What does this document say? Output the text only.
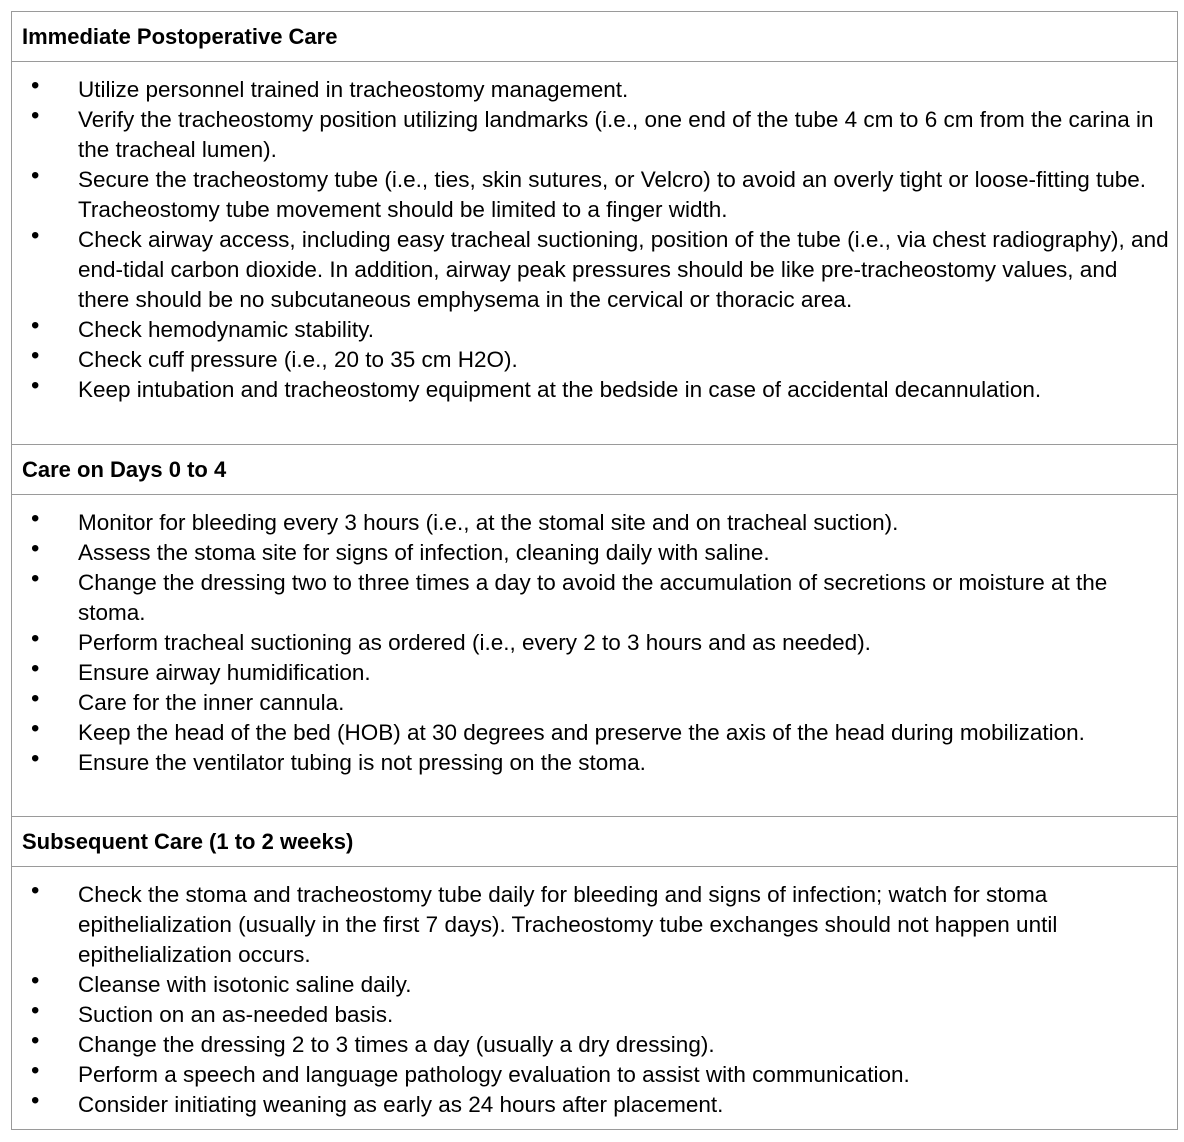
Immediate Postoperative Care
• Utilize personnel trained in tracheostomy management.
• Verify the tracheostomy position utilizing landmarks (i.e., one end of the tube 4 cm to 6 cm from the carina in the tracheal lumen).
• Secure the tracheostomy tube (i.e., ties, skin sutures, or Velcro) to avoid an overly tight or loose-fitting tube. Tracheostomy tube movement should be limited to a finger width.
• Check airway access, including easy tracheal suctioning, position of the tube (i.e., via chest radiography), and end-tidal carbon dioxide. In addition, airway peak pressures should be like pre-tracheostomy values, and there should be no subcutaneous emphysema in the cervical or thoracic area.
• Check hemodynamic stability.
• Check cuff pressure (i.e., 20 to 35 cm H2O).
• Keep intubation and tracheostomy equipment at the bedside in case of accidental decannulation.
Care on Days 0 to 4
• Monitor for bleeding every 3 hours (i.e., at the stomal site and on tracheal suction).
• Assess the stoma site for signs of infection, cleaning daily with saline.
• Change the dressing two to three times a day to avoid the accumulation of secretions or moisture at the stoma.
• Perform tracheal suctioning as ordered (i.e., every 2 to 3 hours and as needed).
• Ensure airway humidification.
• Care for the inner cannula.
• Keep the head of the bed (HOB) at 30 degrees and preserve the axis of the head during mobilization.
• Ensure the ventilator tubing is not pressing on the stoma.
Subsequent Care (1 to 2 weeks)
• Check the stoma and tracheostomy tube daily for bleeding and signs of infection; watch for stoma epithelialization (usually in the first 7 days). Tracheostomy tube exchanges should not happen until epithelialization occurs.
• Cleanse with isotonic saline daily.
• Suction on an as-needed basis.
• Change the dressing 2 to 3 times a day (usually a dry dressing).
• Perform a speech and language pathology evaluation to assist with communication.
• Consider initiating weaning as early as 24 hours after placement.
